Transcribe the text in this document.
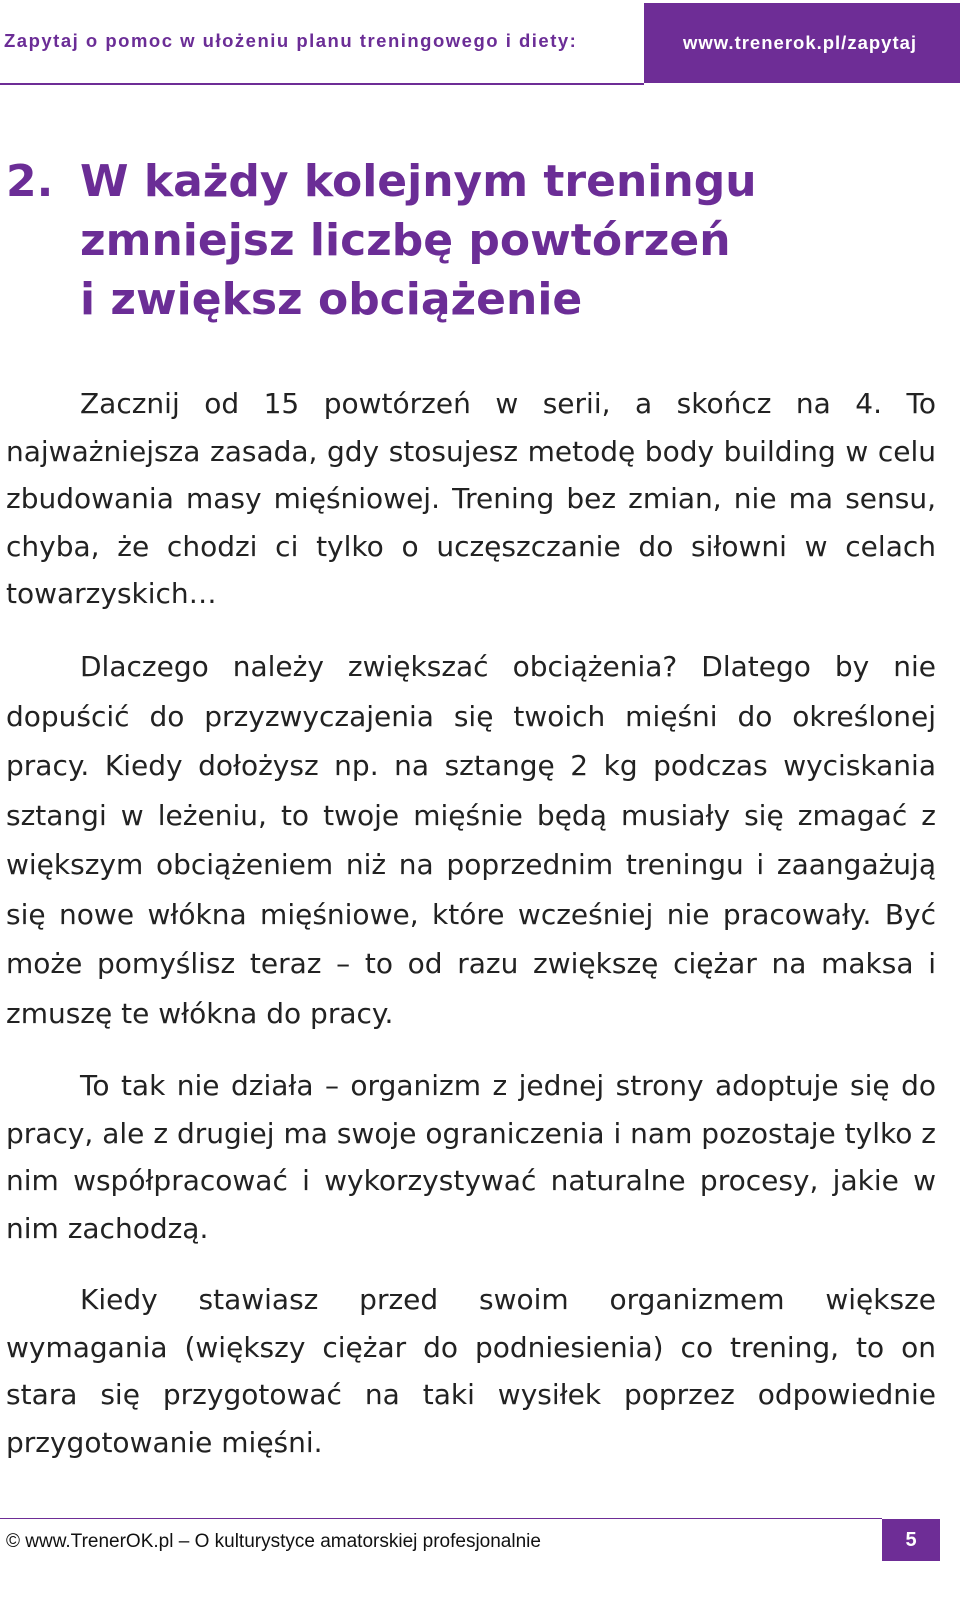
Zapytaj o pomoc w ułożeniu planu treningowego i diety:	www.trenerok.pl/zapytaj
2. W każdy kolejnym treningu
zmniejsz liczbę powtórzeń
i zwiększ obciążenie

Zacznij od 15 powtórzeń w serii, a skończ na 4. To najważniejsza zasada, gdy stosujesz metodę body building w celu zbudowania masy mięśniowej. Trening bez zmian, nie ma sensu, chyba, że chodzi ci tylko o uczęszczanie do siłowni w celach towarzyskich…

Dlaczego należy zwiększać obciążenia? Dlatego by nie dopuścić do przyzwyczajenia się twoich mięśni do określonej pracy. Kiedy dołożysz np. na sztangę 2 kg podczas wyciskania sztangi w leżeniu, to twoje mięśnie będą musiały się zmagać z większym obciążeniem niż na poprzednim treningu i zaangażują się nowe włókna mięśniowe, które wcześniej nie pracowały. Być może pomyślisz teraz – to od razu zwiększę ciężar na maksa i zmuszę te włókna do pracy.

To tak nie działa – organizm z jednej strony adoptuje się do pracy, ale z drugiej ma swoje ograniczenia i nam pozostaje tylko z nim współpracować i wykorzystywać naturalne procesy, jakie w nim zachodzą.

Kiedy stawiasz przed swoim organizmem większe wymagania (większy ciężar do podniesienia) co trening, to on stara się przygotować na taki wysiłek poprzez odpowiednie przygotowanie mięśni.

© www.TrenerOK.pl – O kulturystyce amatorskiej profesjonalnie	5
